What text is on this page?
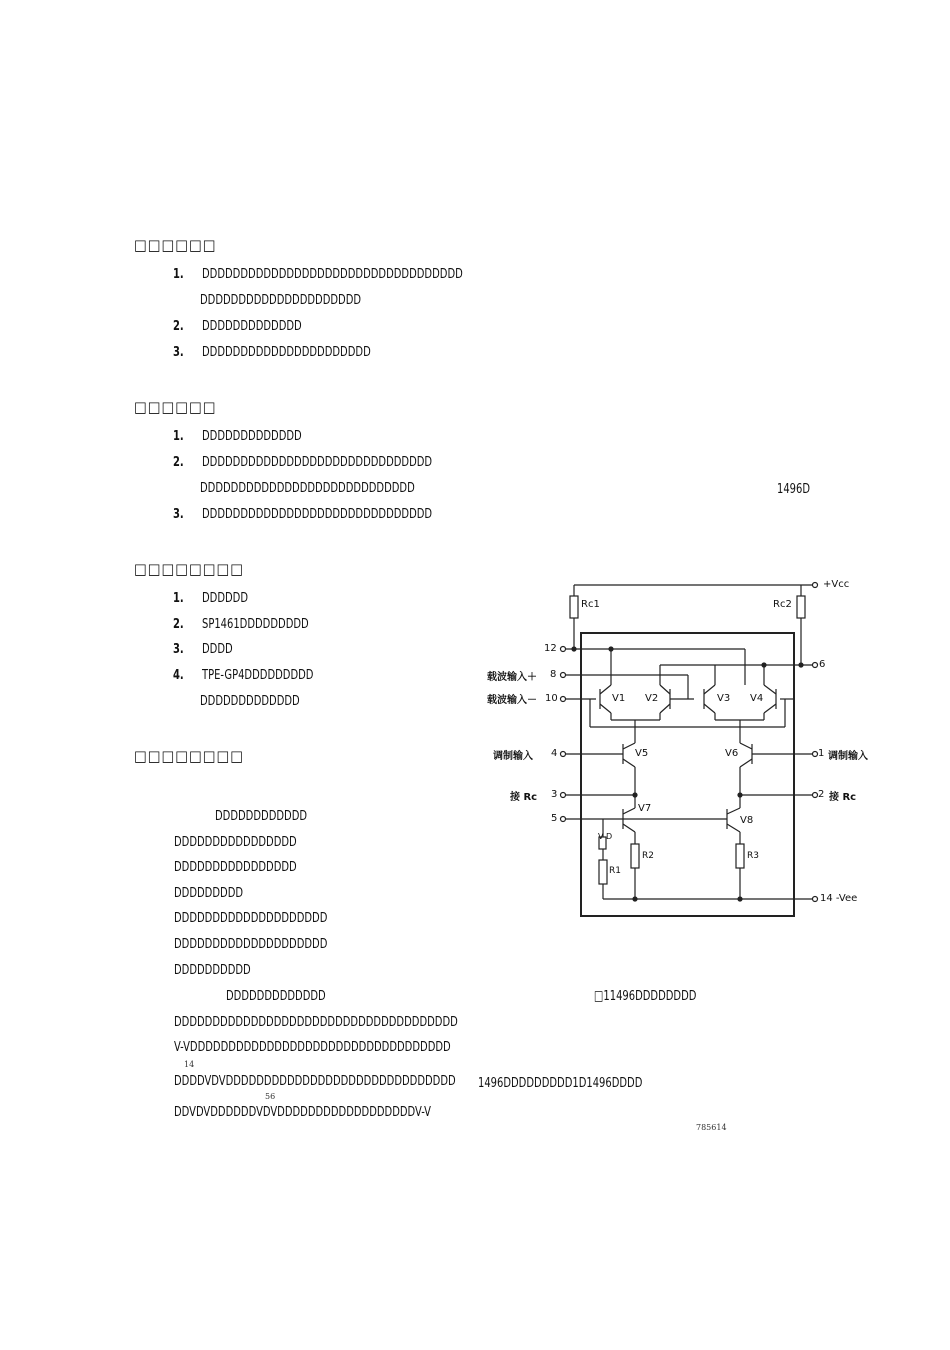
□□□□□□
1. DDDDDDDDDDDDDDDDDDDDDDDDDDDDDDDDDD
DDDDDDDDDDDDDDDDDDDDD
2. DDDDDDDDDDDDD
3. DDDDDDDDDDDDDDDDDDDDDD
□□□□□□
1. DDDDDDDDDDDDD
2. DDDDDDDDDDDDDDDDDDDDDDDDDDDDDD
DDDDDDDDDDDDDDDDDDDDDDDDDDDD	1496D
3. DDDDDDDDDDDDDDDDDDDDDDDDDDDDDD
□□□□□□□□
1. DDDDDD
2. SP1461DDDDDDDDD
3. DDDD
4. TPE-GP4DDDDDDDDD
DDDDDDDDDDDDD
□□□□□□□□
DDDDDDDDDDDD
DDDDDDDDDDDDDDDD
DDDDDDDDDDDDDDDD
DDDDDDDDD
DDDDDDDDDDDDDDDDDDDD
DDDDDDDDDDDDDDDDDDDD
DDDDDDDDDD
DDDDDDDDDDDDD
DDDDDDDDDDDDDDDDDDDDDDDDDDDDDDDDDDDDD
V-VDDDDDDDDDDDDDDDDDDDDDDDDDDDDDDDDDD
14
DDDDVDVDDDDDDDDDDDDDDDDDDDDDDDDDDDDDD
56
DDVDVDDDDDDVDVDDDDDDDDDDDDDDDDDDV-V
□11496DDDDDDDD
1496DDDDDDDDD1D1496DDDD
785614
+Vcc
Rc1	Rc2
12
6
载波输入＋ 8
载波输入－ 10	V1 V2	V3 V4
调制输入 4	V5	V6	1 调制输入
接 Rc 3	2 接 Rc
5
V7
V8
V D
R2
R1
R3
14 -Vee
